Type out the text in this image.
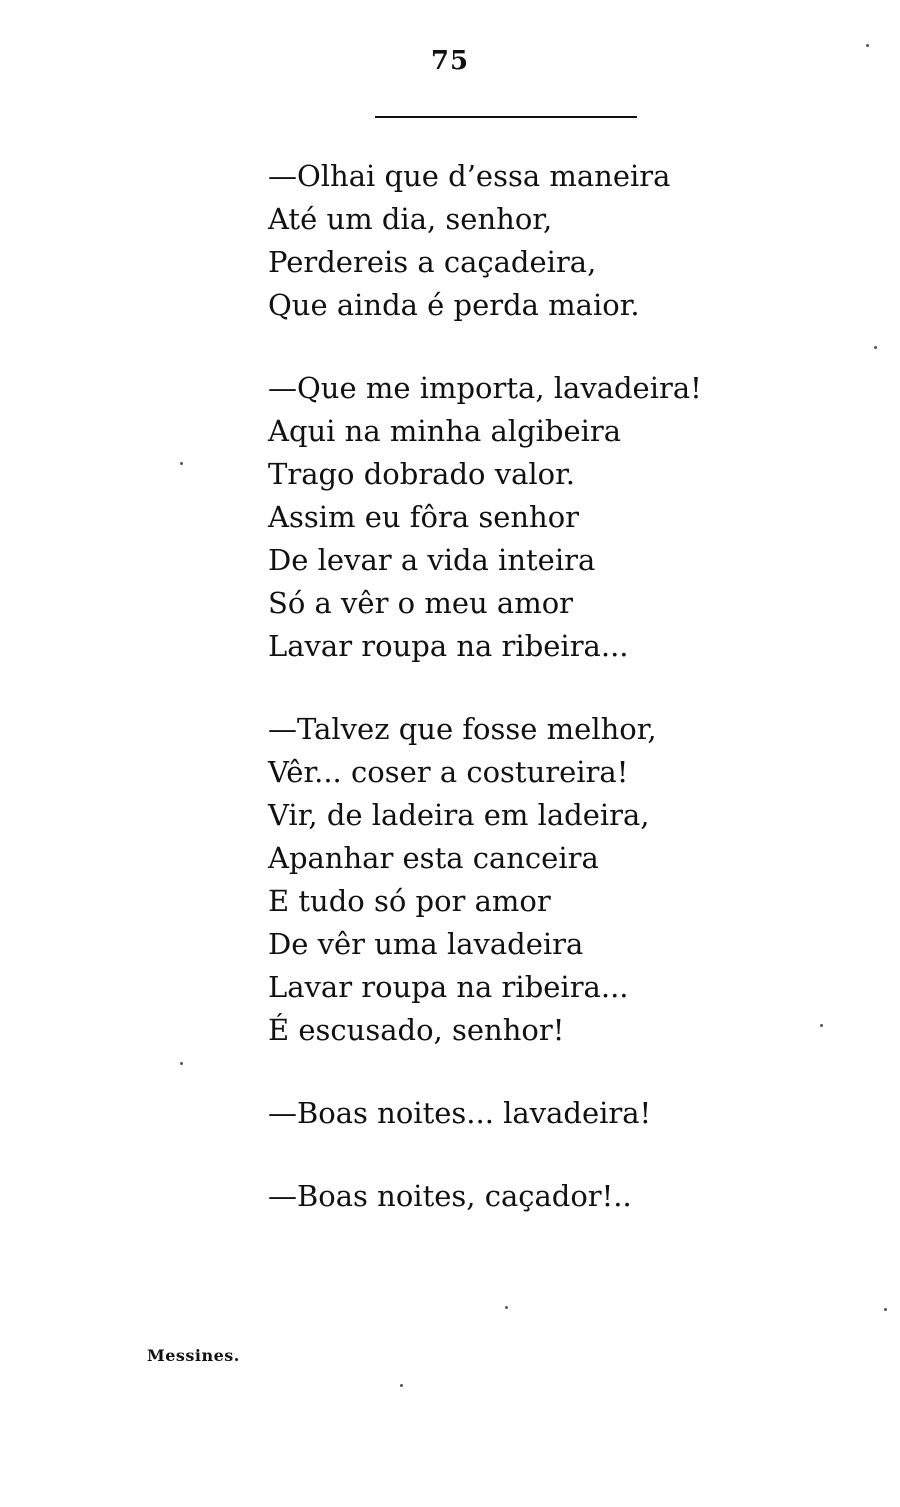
75
—Olhai que d’essa maneira
Até um dia, senhor,
Perdereis a caçadeira,
Que ainda é perda maior.
—Que me importa, lavadeira!
Aqui na minha algibeira
Trago dobrado valor.
Assim eu fôra senhor
De levar a vida inteira
Só a vêr o meu amor
Lavar roupa na ribeira...
—Talvez que fosse melhor,
Vêr... coser a costureira!
Vir, de ladeira em ladeira,
Apanhar esta canceira
E tudo só por amor
De vêr uma lavadeira
Lavar roupa na ribeira...
É escusado, senhor!
—Boas noites... lavadeira!
—Boas noites, caçador!..
Messines.
